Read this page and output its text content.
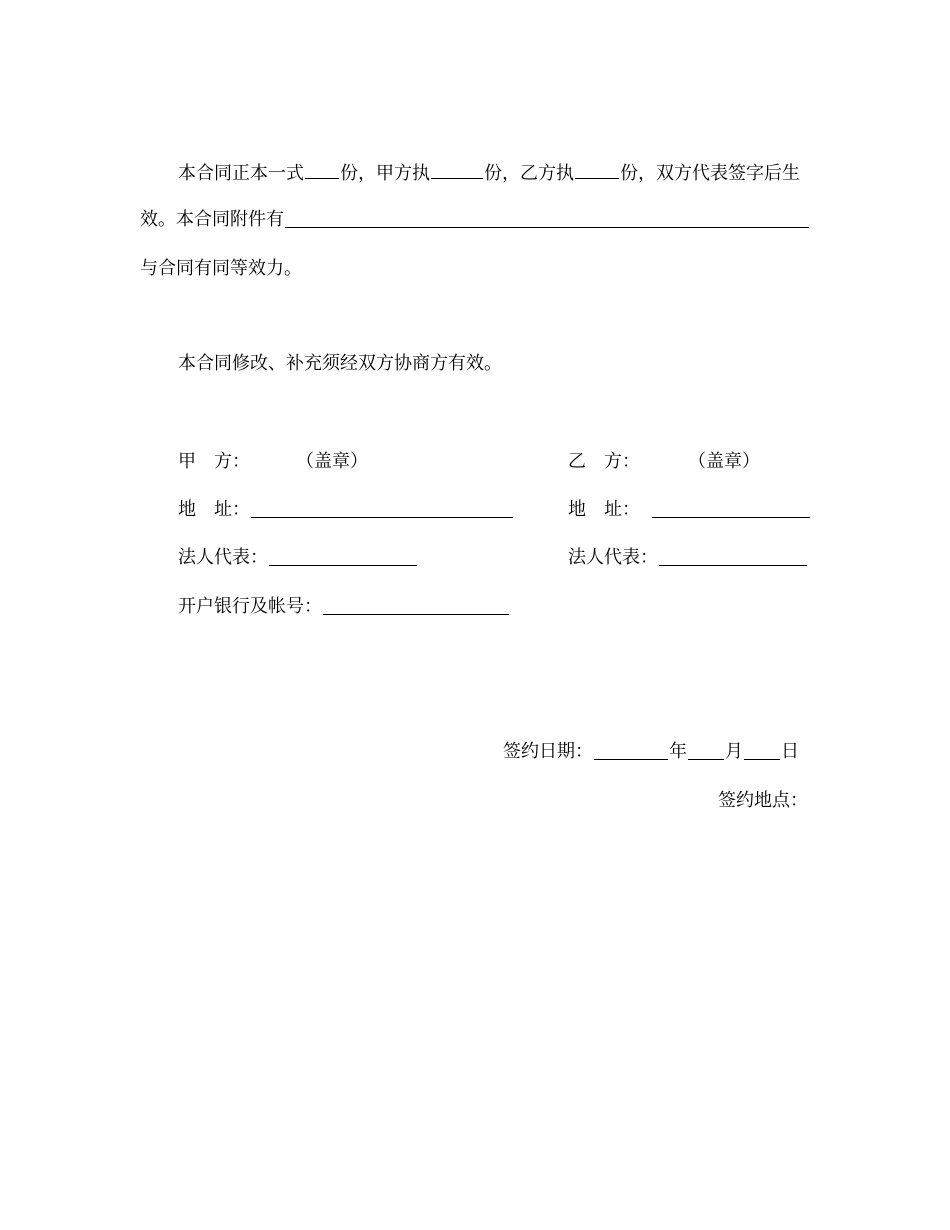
本合同正本一式 份，甲方执	份，乙方执	份，双方代表签字后生
效。本合同附件有
与合同有同等效力。
本合同修改、补充须经双方协商方有效。
甲　方：	（盖章）
地　址：
法人代表：
开户银行及帐号：
乙　方：	（盖章）
地　址：
法人代表：
签约日期：	年 月 日
签约地点：
